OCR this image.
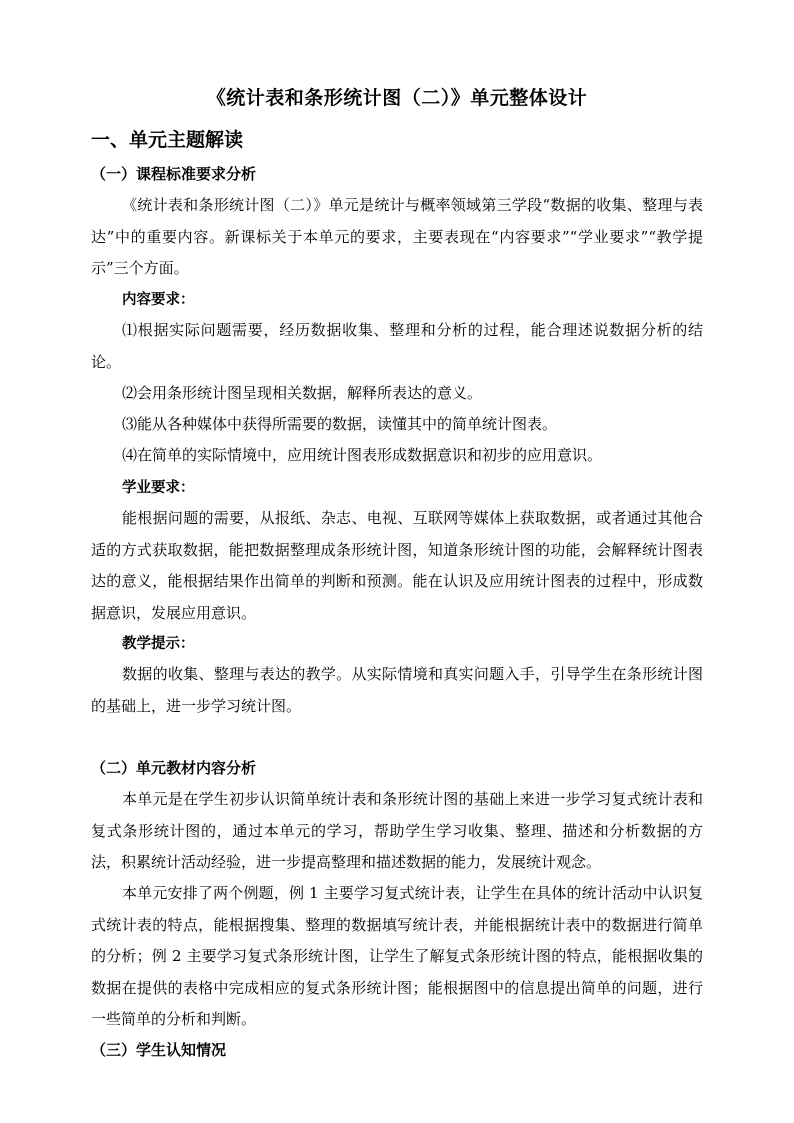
《统计表和条形统计图（二）》单元整体设计
一、单元主题解读
（一）课程标准要求分析

《统计表和条形统计图（二）》单元是统计与概率领域第三学段“数据的收集、整理与表达”中的重要内容。新课标关于本单元的要求，主要表现在“内容要求”“学业要求”“教学提示”三个方面。

内容要求：

⑴根据实际问题需要，经历数据收集、整理和分析的过程，能合理述说数据分析的结论。

⑵会用条形统计图呈现相关数据，解释所表达的意义。

⑶能从各种媒体中获得所需要的数据，读懂其中的简单统计图表。

⑷在简单的实际情境中，应用统计图表形成数据意识和初步的应用意识。

学业要求：

能根据问题的需要，从报纸、杂志、电视、互联网等媒体上获取数据，或者通过其他合适的方式获取数据，能把数据整理成条形统计图，知道条形统计图的功能，会解释统计图表达的意义，能根据结果作出简单的判断和预测。能在认识及应用统计图表的过程中，形成数据意识，发展应用意识。

教学提示：

数据的收集、整理与表达的教学。从实际情境和真实问题入手，引导学生在条形统计图的基础上，进一步学习统计图。

（二）单元教材内容分析

本单元是在学生初步认识简单统计表和条形统计图的基础上来进一步学习复式统计表和复式条形统计图的，通过本单元的学习，帮助学生学习收集、整理、描述和分析数据的方法，积累统计活动经验，进一步提高整理和描述数据的能力，发展统计观念。

本单元安排了两个例题，例 1 主要学习复式统计表，让学生在具体的统计活动中认识复式统计表的特点，能根据搜集、整理的数据填写统计表，并能根据统计表中的数据进行简单的分析；例 2 主要学习复式条形统计图，让学生了解复式条形统计图的特点，能根据收集的数据在提供的表格中完成相应的复式条形统计图；能根据图中的信息提出简单的问题，进行一些简单的分析和判断。

（三）学生认知情况
